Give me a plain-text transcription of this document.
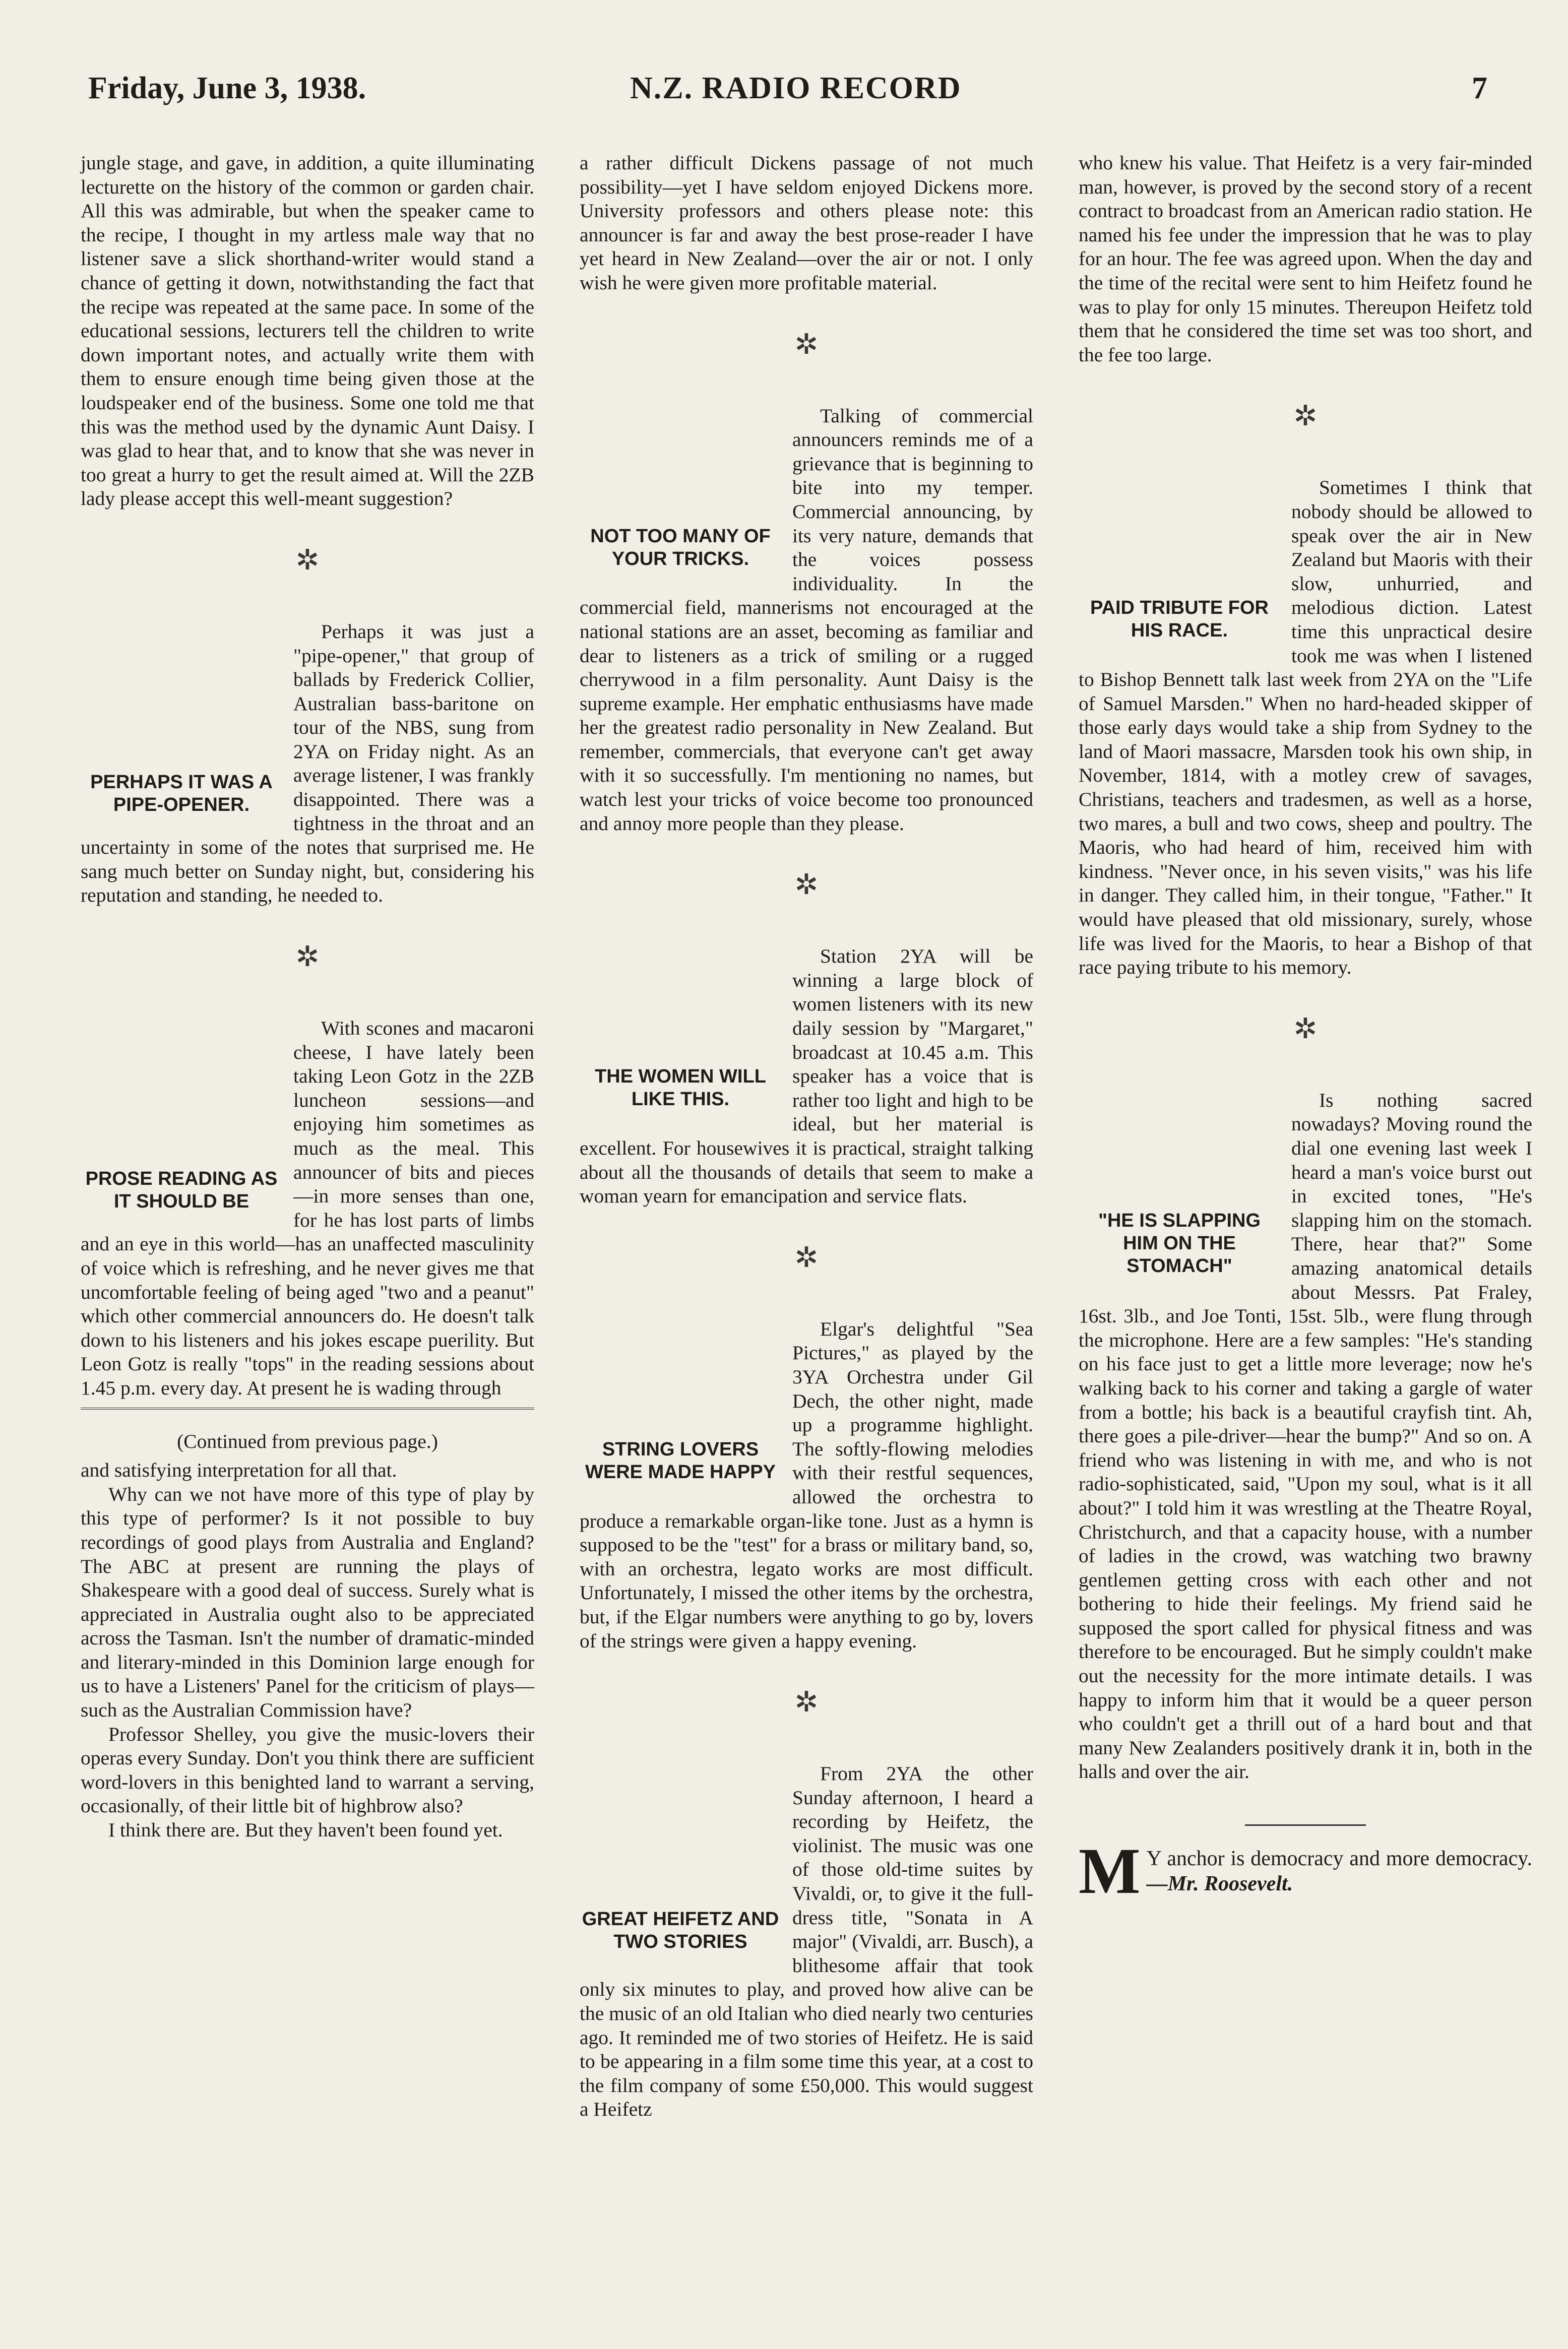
Friday, June 3, 1938.	N.Z. RADIO RECORD	7

jungle stage, and gave, in addition, a quite illuminating lecturette on the history of the common or garden chair. All this was admirable, but when the speaker came to the recipe, I thought in my artless male way that no listener save a slick shorthand-writer would stand a chance of getting it down, notwithstanding the fact that the recipe was repeated at the same pace. In some of the educational sessions, lecturers tell the children to write down important notes, and actually write them with them to ensure enough time being given those at the loudspeaker end of the business. Some one told me that this was the method used by the dynamic Aunt Daisy. I was glad to hear that, and to know that she was never in too great a hurry to get the result aimed at. Will the 2ZB lady please accept this well-meant suggestion?

✲

PERHAPS IT WAS A PIPE-OPENER.
Perhaps it was just a "pipe-opener," that group of ballads by Frederick Collier, Australian bass-baritone on tour of the NBS, sung from 2YA on Friday night. As an average listener, I was frankly disappointed. There was a tightness in the throat and an uncertainty in some of the notes that surprised me. He sang much better on Sunday night, but, considering his reputation and standing, he needed to.

✲

PROSE READING AS IT SHOULD BE
With scones and macaroni cheese, I have lately been taking Leon Gotz in the 2ZB luncheon sessions—and enjoying him sometimes as much as the meal. This announcer of bits and pieces—in more senses than one, for he has lost parts of limbs and an eye in this world—has an unaffected masculinity of voice which is refreshing, and he never gives me that uncomfortable feeling of being aged "two and a peanut" which other commercial announcers do. He doesn't talk down to his listeners and his jokes escape puerility. But Leon Gotz is really "tops" in the reading sessions about 1.45 p.m. every day. At present he is wading through

(Continued from previous page.)

and satisfying interpretation for all that.

Why can we not have more of this type of play by this type of performer? Is it not possible to buy recordings of good plays from Australia and England? The ABC at present are running the plays of Shakespeare with a good deal of success. Surely what is appreciated in Australia ought also to be appreciated across the Tasman. Isn't the number of dramatic-minded and literary-minded in this Dominion large enough for us to have a Listeners' Panel for the criticism of plays—such as the Australian Commission have?

Professor Shelley, you give the music-lovers their operas every Sunday. Don't you think there are sufficient word-lovers in this benighted land to warrant a serving, occasionally, of their little bit of highbrow also?

I think there are. But they haven't been found yet.

a rather difficult Dickens passage of not much possibility—yet I have seldom enjoyed Dickens more. University professors and others please note: this announcer is far and away the best prose-reader I have yet heard in New Zealand—over the air or not. I only wish he were given more profitable material.

✲

NOT TOO MANY OF YOUR TRICKS.
Talking of commercial announcers reminds me of a grievance that is beginning to bite into my temper. Commercial announcing, by its very nature, demands that the voices possess individuality. In the commercial field, mannerisms not encouraged at the national stations are an asset, becoming as familiar and dear to listeners as a trick of smiling or a rugged cherrywood in a film personality. Aunt Daisy is the supreme example. Her emphatic enthusiasms have made her the greatest radio personality in New Zealand. But remember, commercials, that everyone can't get away with it so successfully. I'm mentioning no names, but watch lest your tricks of voice become too pronounced and annoy more people than they please.

✲

THE WOMEN WILL LIKE THIS.
Station 2YA will be winning a large block of women listeners with its new daily session by "Margaret," broadcast at 10.45 a.m. This speaker has a voice that is rather too light and high to be ideal, but her material is excellent. For housewives it is practical, straight talking about all the thousands of details that seem to make a woman yearn for emancipation and service flats.

✲

STRING LOVERS WERE MADE HAPPY
Elgar's delightful "Sea Pictures," as played by the 3YA Orchestra under Gil Dech, the other night, made up a programme highlight. The softly-flowing melodies with their restful sequences, allowed the orchestra to produce a remarkable organ-like tone. Just as a hymn is supposed to be the "test" for a brass or military band, so, with an orchestra, legato works are most difficult. Unfortunately, I missed the other items by the orchestra, but, if the Elgar numbers were anything to go by, lovers of the strings were given a happy evening.

✲

GREAT HEIFETZ AND TWO STORIES
From 2YA the other Sunday afternoon, I heard a recording by Heifetz, the violinist. The music was one of those old-time suites by Vivaldi, or, to give it the full-dress title, "Sonata in A major" (Vivaldi, arr. Busch), a blithesome affair that took only six minutes to play, and proved how alive can be the music of an old Italian who died nearly two centuries ago. It reminded me of two stories of Heifetz. He is said to be appearing in a film some time this year, at a cost to the film company of some £50,000. This would suggest a Heifetz

who knew his value. That Heifetz is a very fair-minded man, however, is proved by the second story of a recent contract to broadcast from an American radio station. He named his fee under the impression that he was to play for an hour. The fee was agreed upon. When the day and the time of the recital were sent to him Heifetz found he was to play for only 15 minutes. Thereupon Heifetz told them that he considered the time set was too short, and the fee too large.

✲

PAID TRIBUTE FOR HIS RACE.
Sometimes I think that nobody should be allowed to speak over the air in New Zealand but Maoris with their slow, unhurried, and melodious diction. Latest time this unpractical desire took me was when I listened to Bishop Bennett talk last week from 2YA on the "Life of Samuel Marsden." When no hard-headed skipper of those early days would take a ship from Sydney to the land of Maori massacre, Marsden took his own ship, in November, 1814, with a motley crew of savages, Christians, teachers and tradesmen, as well as a horse, two mares, a bull and two cows, sheep and poultry. The Maoris, who had heard of him, received him with kindness. "Never once, in his seven visits," was his life in danger. They called him, in their tongue, "Father." It would have pleased that old missionary, surely, whose life was lived for the Maoris, to hear a Bishop of that race paying tribute to his memory.

✲

"HE IS SLAPPING HIM ON THE STOMACH"
Is nothing sacred nowadays? Moving round the dial one evening last week I heard a man's voice burst out in excited tones, "He's slapping him on the stomach. There, hear that?" Some amazing anatomical details about Messrs. Pat Fraley, 16st. 3lb., and Joe Tonti, 15st. 5lb., were flung through the microphone. Here are a few samples: "He's standing on his face just to get a little more leverage; now he's walking back to his corner and taking a gargle of water from a bottle; his back is a beautiful crayfish tint. Ah, there goes a pile-driver—hear the bump?" And so on. A friend who was listening in with me, and who is not radio-sophisticated, said, "Upon my soul, what is it all about?" I told him it was wrestling at the Theatre Royal, Christchurch, and that a capacity house, with a number of ladies in the crowd, was watching two brawny gentlemen getting cross with each other and not bothering to hide their feelings. My friend said he supposed the sport called for physical fitness and was therefore to be encouraged. But he simply couldn't make out the necessity for the more intimate details. I was happy to inform him that it would be a queer person who couldn't get a thrill out of a hard bout and that many New Zealanders positively drank it in, both in the halls and over the air.

M Y anchor is democracy and more democracy.—Mr. Roosevelt.
